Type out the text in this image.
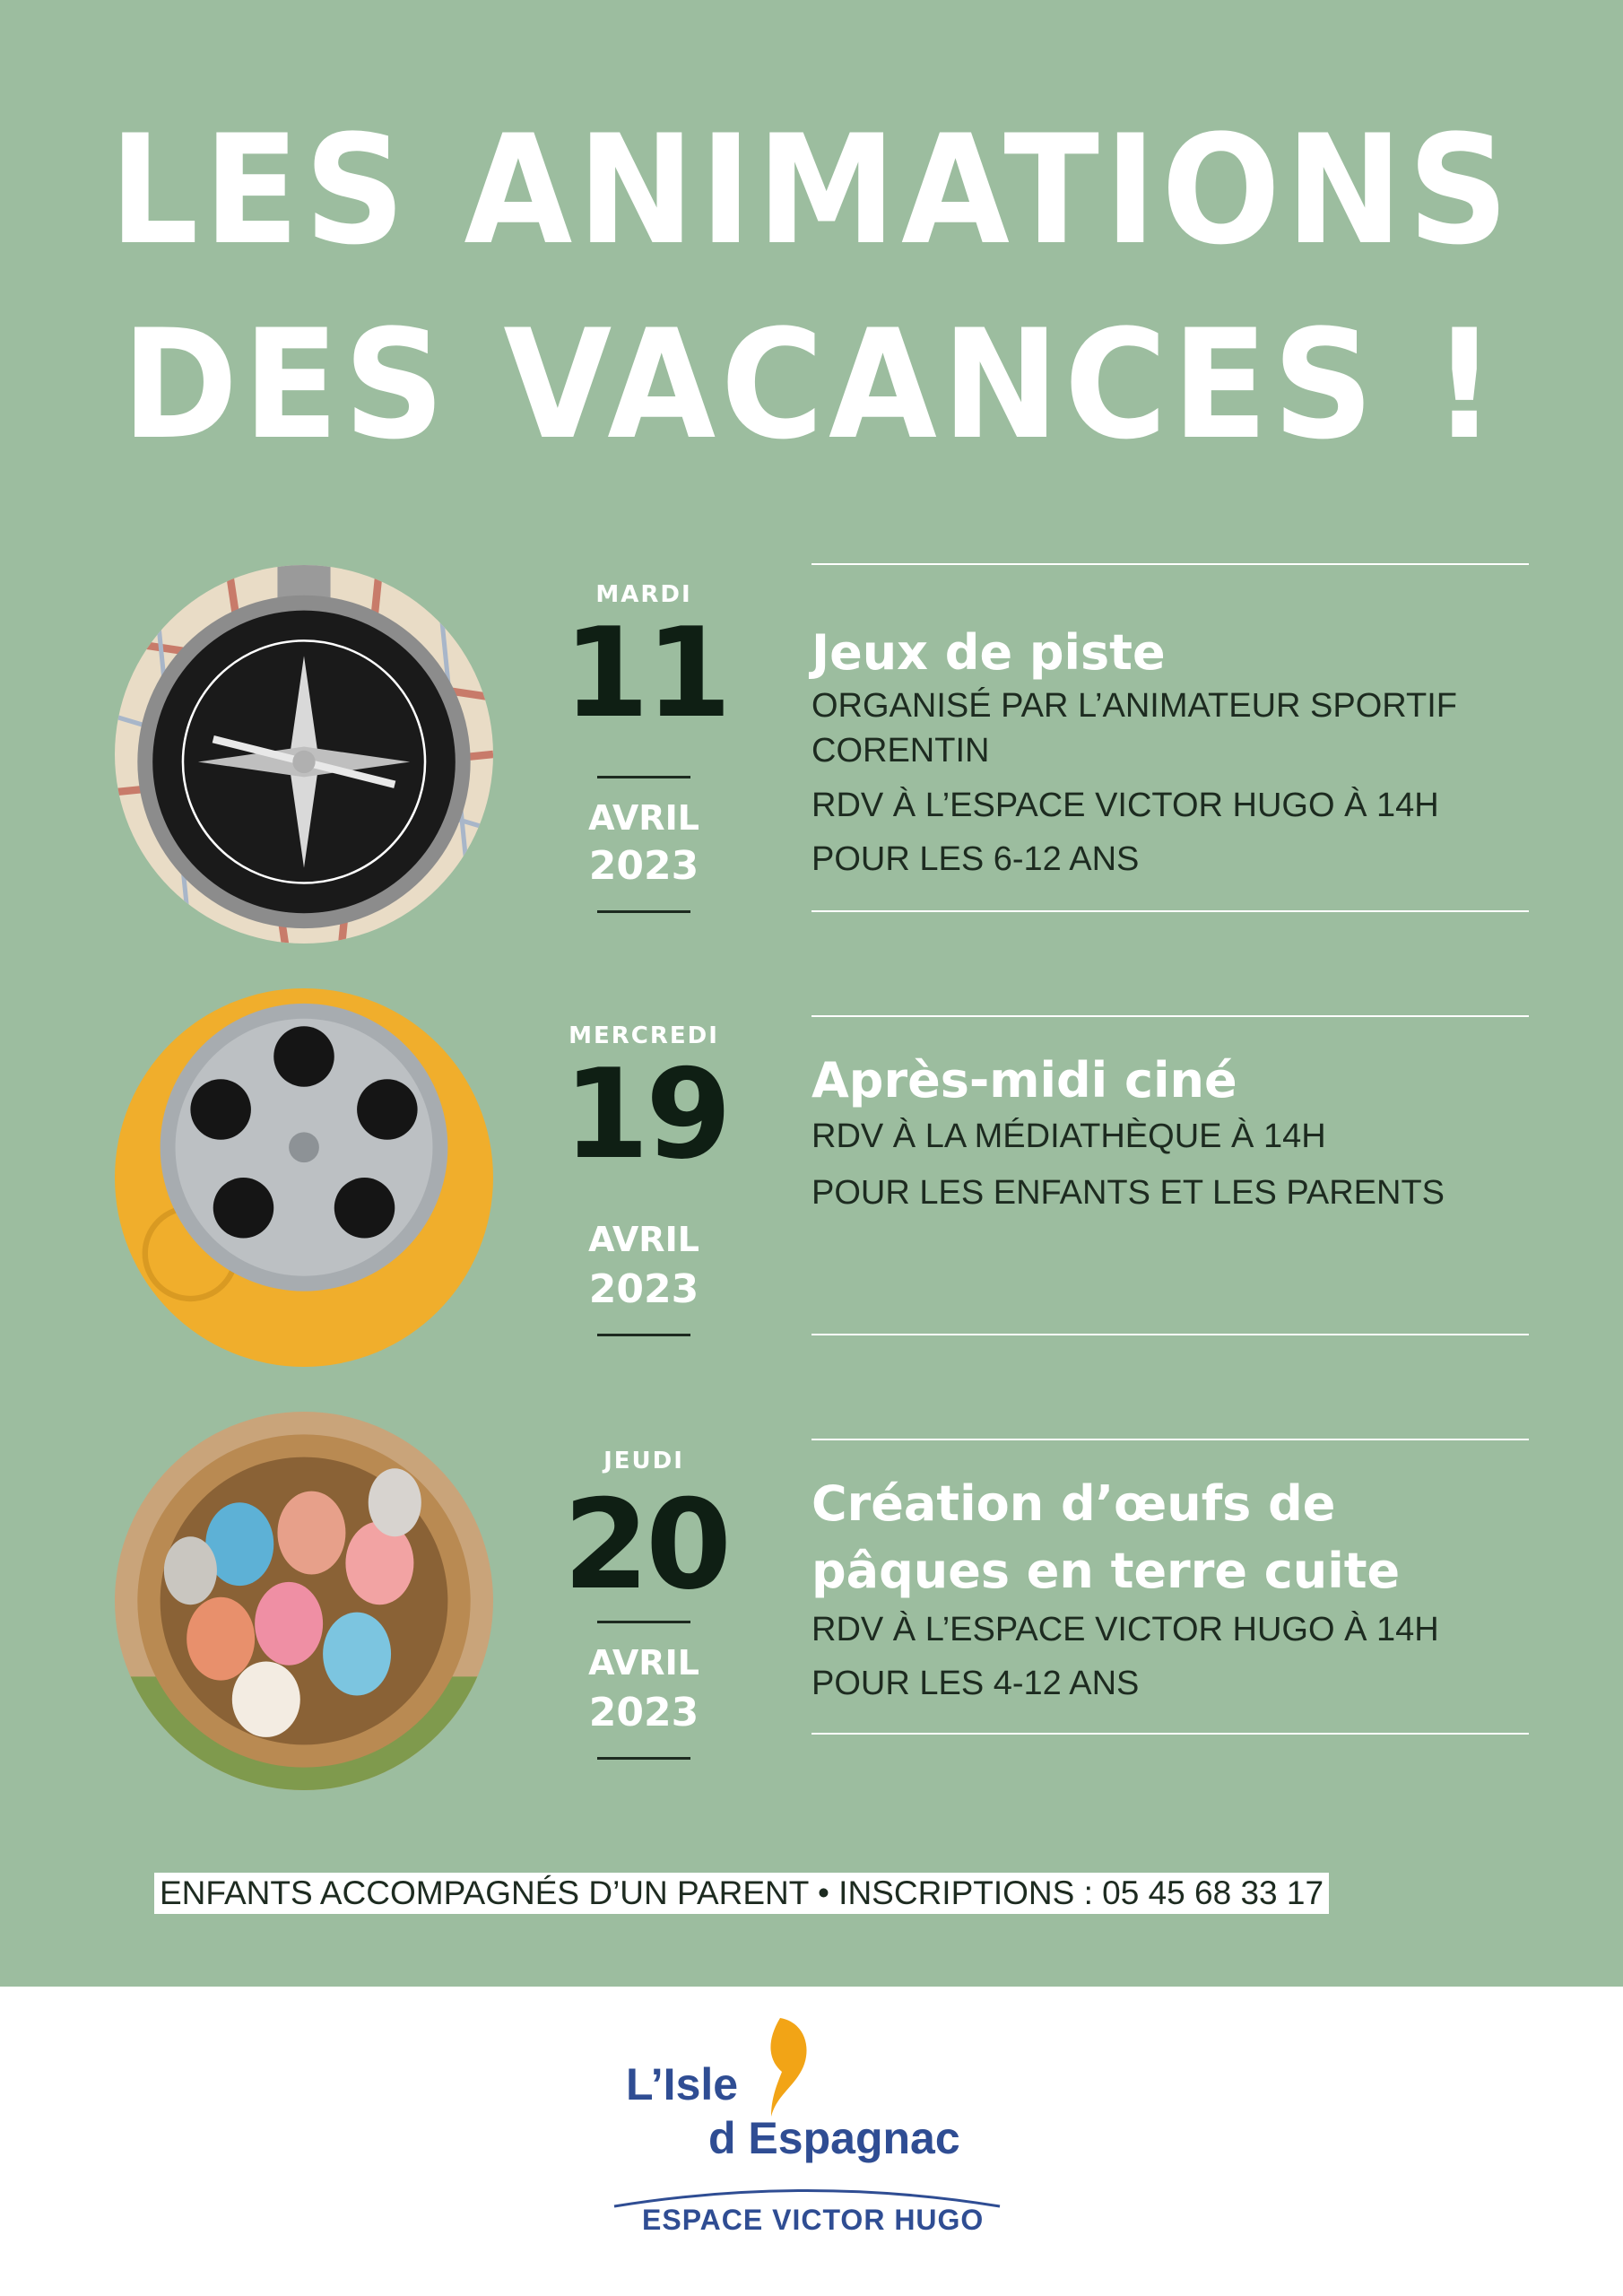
LES ANIMATIONS
DES VACANCES !
MARDI
11
AVRIL
2023
Jeux de piste
ORGANISÉ PAR L’ANIMATEUR SPORTIF
CORENTIN
RDV À L’ESPACE VICTOR HUGO À 14H
POUR LES 6-12 ANS
MERCREDI
19
AVRIL
2023
Après-midi ciné
RDV À LA MÉDIATHÈQUE À 14H
POUR LES ENFANTS ET LES PARENTS
JEUDI
20
AVRIL
2023
Création d’œufs de
pâques en terre cuite
RDV À L’ESPACE VICTOR HUGO À 14H
POUR LES 4-12 ANS
ENFANTS ACCOMPAGNÉS D’UN PARENT • INSCRIPTIONS : 05 45 68 33 17
L’Isle
d Espagnac
ESPACE VICTOR HUGO
